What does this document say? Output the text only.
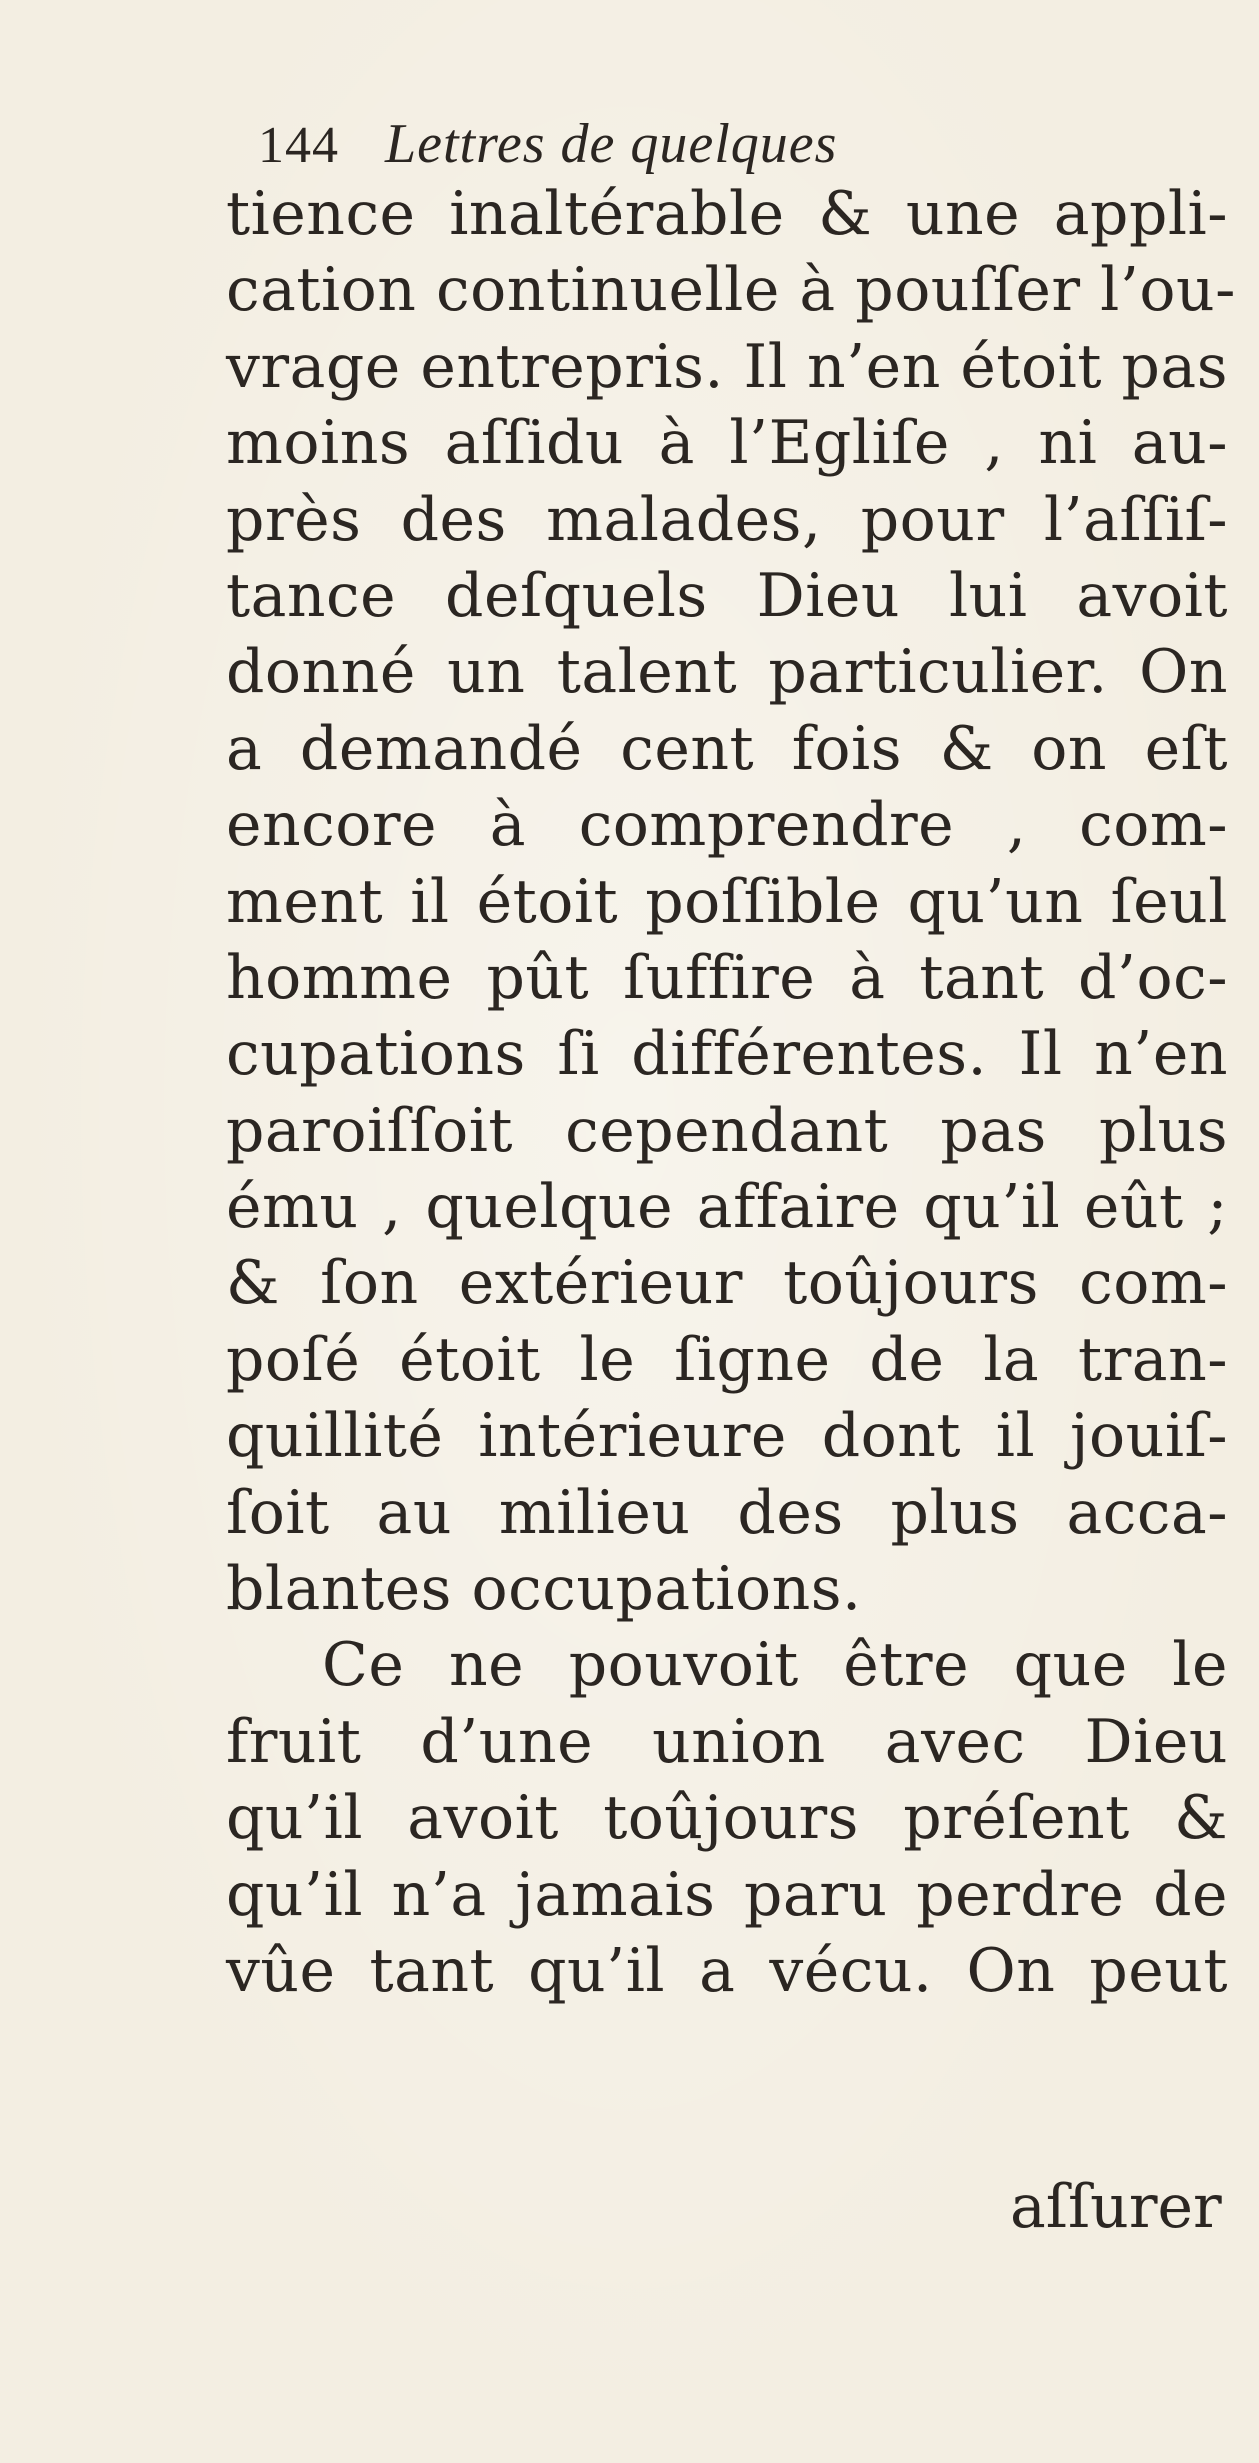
144 Lettres de quelques
tience inaltérable & une appli-
cation continuelle à pouſſer l’ou-
vrage entrepris. Il n’en étoit pas
moins aſſidu à l’Egliſe , ni au-
près des malades, pour l’aſſiſ-
tance deſquels Dieu lui avoit
donné un talent particulier. On
a demandé cent fois & on eſt
encore à comprendre , com-
ment il étoit poſſible qu’un ſeul
homme pût ſuffire à tant d’oc-
cupations ſi différentes. Il n’en
paroiſſoit cependant pas plus
ému , quelque affaire qu’il eût ;
& ſon extérieur toûjours com-
poſé étoit le ſigne de la tran-
quillité intérieure dont il jouiſ-
ſoit au milieu des plus acca-
blantes occupations.
Ce ne pouvoit être que le
fruit d’une union avec Dieu
qu’il avoit toûjours préſent &
qu’il n’a jamais paru perdre de
vûe tant qu’il a vécu. On peut
aſſurer
